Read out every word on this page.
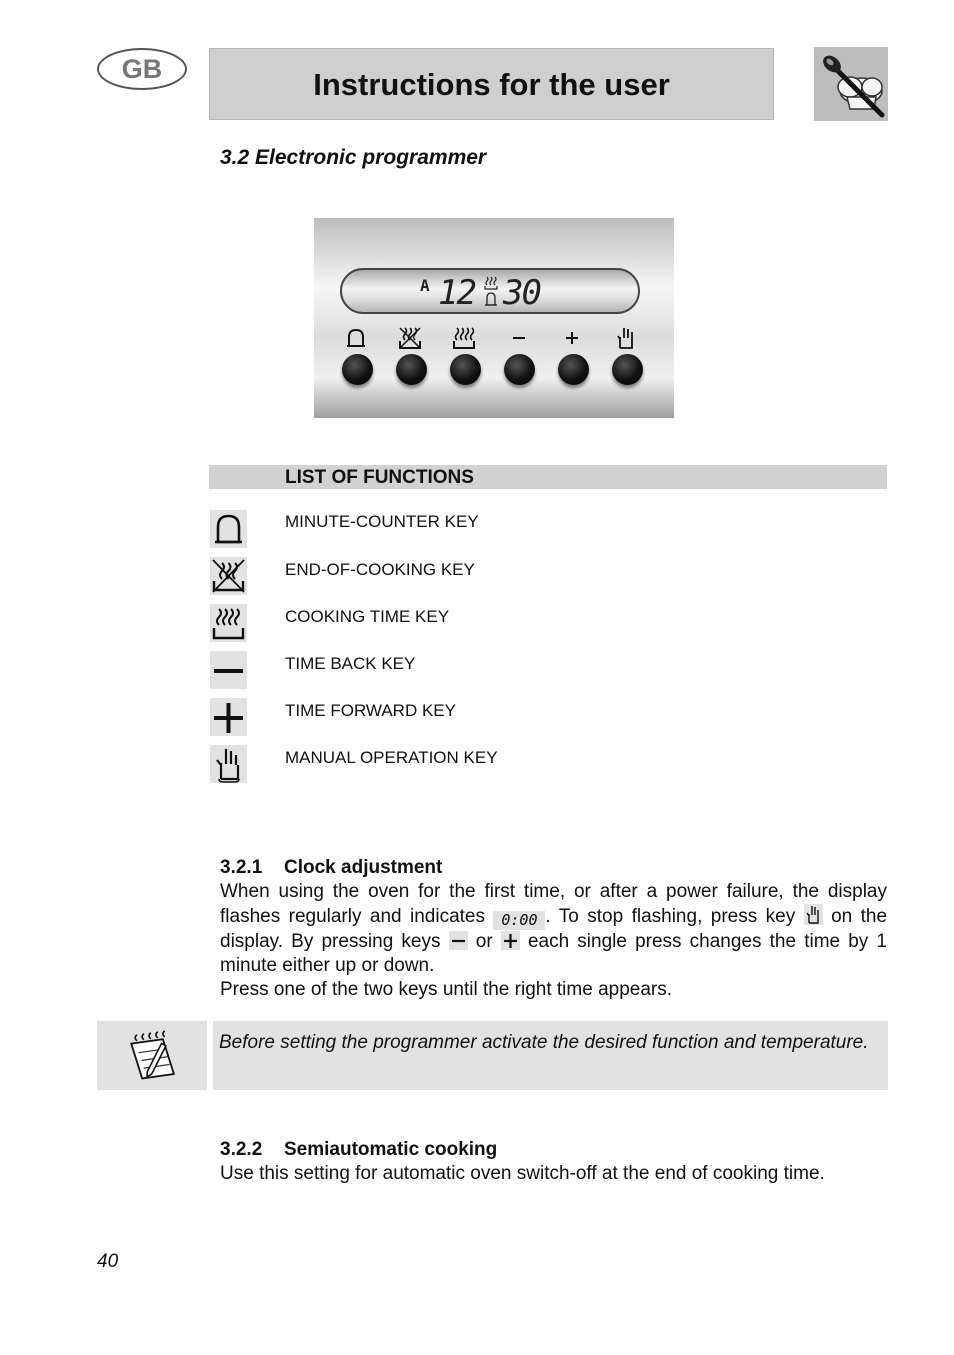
GB	Instructions for the user
3.2 Electronic programmer
A 12 30
LIST OF FUNCTIONS
MINUTE-COUNTER KEY
END-OF-COOKING KEY
COOKING TIME KEY
TIME BACK KEY
TIME FORWARD KEY
MANUAL OPERATION KEY
3.2.1 Clock adjustment
When using the oven for the first time, or after a power failure, the display flashes regularly and indicates 0:00 . To stop flashing, press key on the display. By pressing keys or each single press changes the time by 1 minute either up or down.
Press one of the two keys until the right time appears.
Before setting the programmer activate the desired function and temperature.
3.2.2 Semiautomatic cooking
Use this setting for automatic oven switch-off at the end of cooking time.
40
